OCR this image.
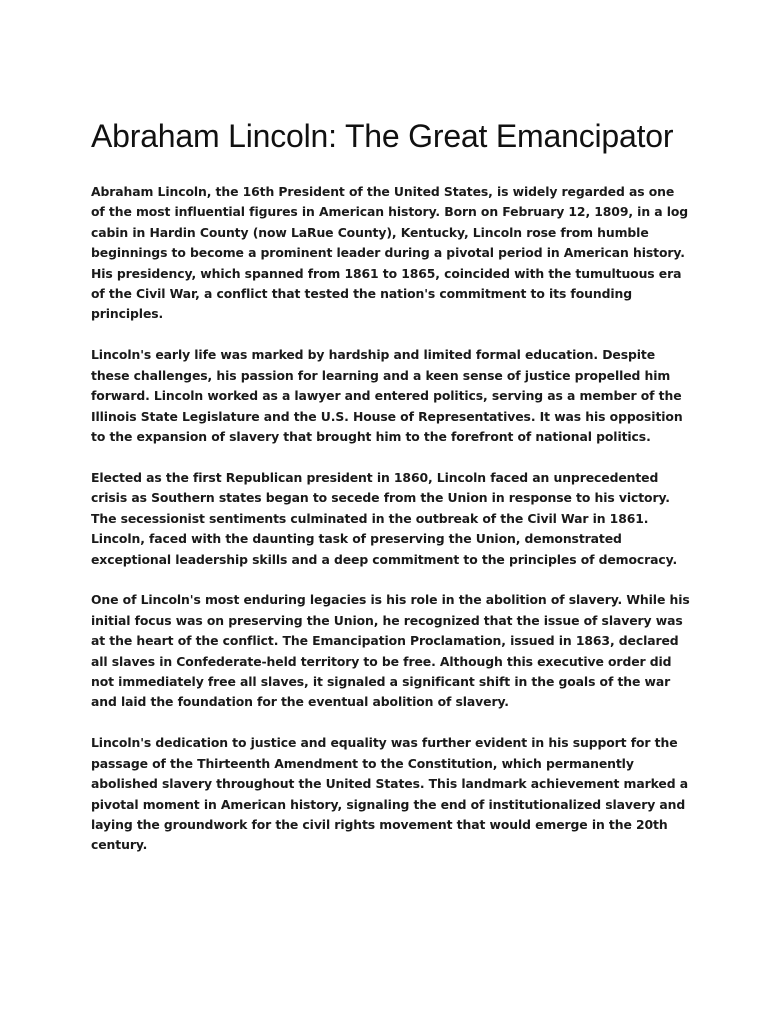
Abraham Lincoln: The Great Emancipator

Abraham Lincoln, the 16th President of the United States, is widely regarded as one of the most influential figures in American history. Born on February 12, 1809, in a log cabin in Hardin County (now LaRue County), Kentucky, Lincoln rose from humble beginnings to become a prominent leader during a pivotal period in American history. His presidency, which spanned from 1861 to 1865, coincided with the tumultuous era of the Civil War, a conflict that tested the nation's commitment to its founding principles.

Lincoln's early life was marked by hardship and limited formal education. Despite these challenges, his passion for learning and a keen sense of justice propelled him forward. Lincoln worked as a lawyer and entered politics, serving as a member of the Illinois State Legislature and the U.S. House of Representatives. It was his opposition to the expansion of slavery that brought him to the forefront of national politics.

Elected as the first Republican president in 1860, Lincoln faced an unprecedented crisis as Southern states began to secede from the Union in response to his victory. The secessionist sentiments culminated in the outbreak of the Civil War in 1861. Lincoln, faced with the daunting task of preserving the Union, demonstrated exceptional leadership skills and a deep commitment to the principles of democracy.

One of Lincoln's most enduring legacies is his role in the abolition of slavery. While his initial focus was on preserving the Union, he recognized that the issue of slavery was at the heart of the conflict. The Emancipation Proclamation, issued in 1863, declared all slaves in Confederate-held territory to be free. Although this executive order did not immediately free all slaves, it signaled a significant shift in the goals of the war and laid the foundation for the eventual abolition of slavery.

Lincoln's dedication to justice and equality was further evident in his support for the passage of the Thirteenth Amendment to the Constitution, which permanently abolished slavery throughout the United States. This landmark achievement marked a pivotal moment in American history, signaling the end of institutionalized slavery and laying the groundwork for the civil rights movement that would emerge in the 20th century.
